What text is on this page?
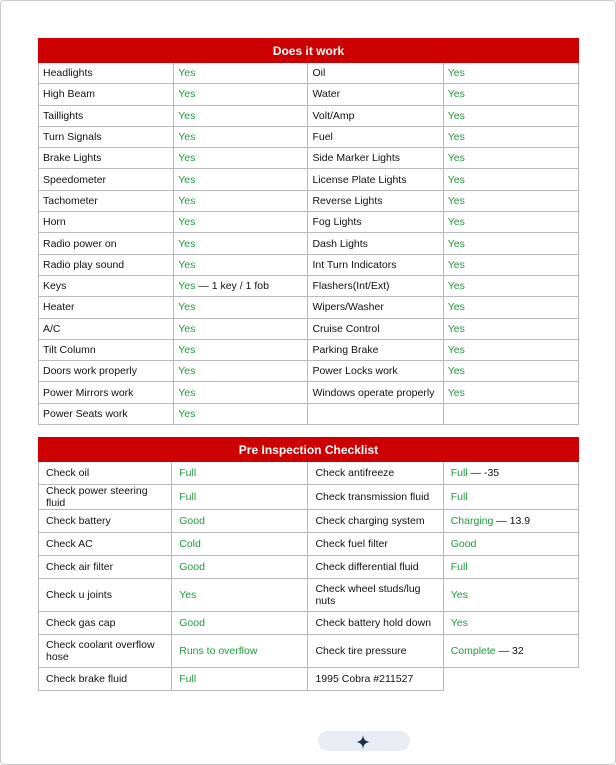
Does it work			
Headlights	Yes	Oil	Yes
High Beam	Yes	Water	Yes
Taillights	Yes	Volt/Amp	Yes
Turn Signals	Yes	Fuel	Yes
Brake Lights	Yes	Side Marker Lights	Yes
Speedometer	Yes	License Plate Lights	Yes
Tachometer	Yes	Reverse Lights	Yes
Horn	Yes	Fog Lights	Yes
Radio power on	Yes	Dash Lights	Yes
Radio play sound	Yes	Int Turn Indicators	Yes
Keys	Yes — 1 key / 1 fob	Flashers(Int/Ext)	Yes
Heater	Yes	Wipers/Washer	Yes
A/C	Yes	Cruise Control	Yes
Tilt Column	Yes	Parking Brake	Yes
Doors work properly	Yes	Power Locks work	Yes
Power Mirrors work	Yes	Windows operate properly	Yes
Power Seats work	Yes		
Pre Inspection Checklist			
Check oil	Full	Check antifreeze	Full — -35
Check power steering fluid	Full	Check transmission fluid	Full
Check battery	Good	Check charging system	Charging — 13.9
Check AC	Cold	Check fuel filter	Good
Check air filter	Good	Check differential fluid	Full
Check u joints	Yes	Check wheel studs/lug nuts	Yes
Check gas cap	Good	Check battery hold down	Yes
Check coolant overflow hose	Runs to overflow	Check tire pressure	Complete — 32
Check brake fluid	Full	1995 Cobra #211527	
